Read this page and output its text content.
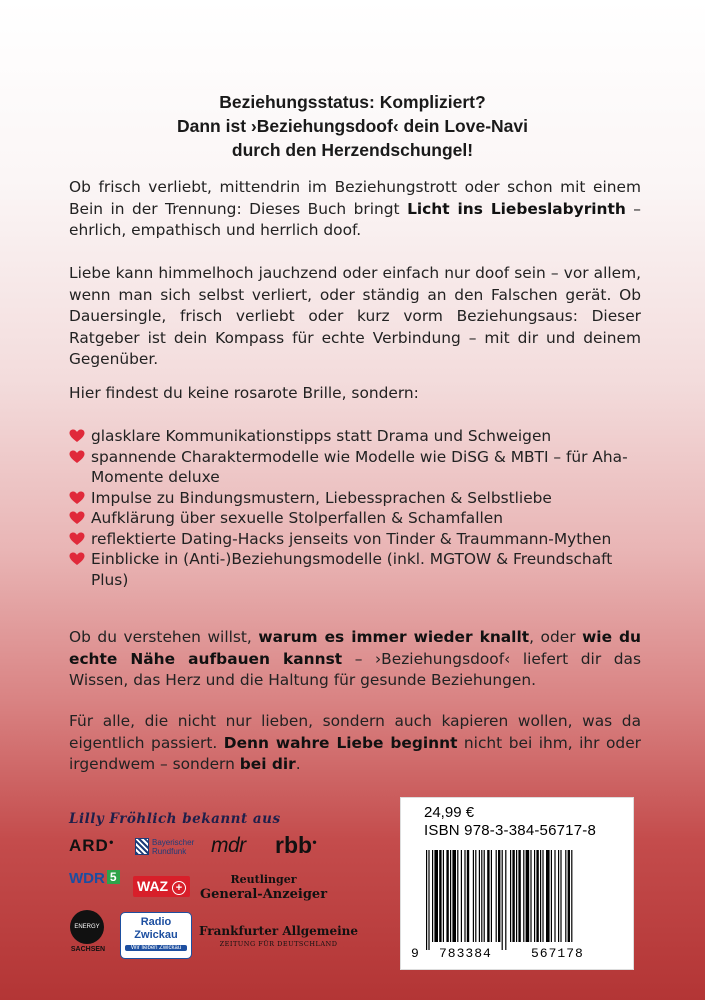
Beziehungsstatus: Kompliziert?
Dann ist ›Beziehungsdoof‹ dein Love-Navi
durch den Herzendschungel!

Ob frisch verliebt, mittendrin im Beziehungstrott oder schon mit einem Bein in der Trennung: Dieses Buch bringt Licht ins Liebeslabyrinth – ehrlich, empathisch und herrlich doof.

Liebe kann himmelhoch jauchzend oder einfach nur doof sein – vor allem, wenn man sich selbst verliert, oder ständig an den Falschen gerät. Ob Dauersingle, frisch verliebt oder kurz vorm Beziehungsaus: Dieser Ratgeber ist dein Kompass für echte Verbindung – mit dir und deinem Gegenüber.

Hier findest du keine rosarote Brille, sondern:

glasklare Kommunikationstipps statt Drama und Schweigen
spannende Charaktermodelle wie Modelle wie DiSG & MBTI – für Aha-Momente deluxe
Impulse zu Bindungsmustern, Liebessprachen & Selbstliebe
Aufklärung über sexuelle Stolperfallen & Schamfallen
reflektierte Dating-Hacks jenseits von Tinder & Traummann-Mythen
Einblicke in (Anti-)Beziehungsmodelle (inkl. MGTOW & Freundschaft Plus)

Ob du verstehen willst, warum es immer wieder knallt, oder wie du echte Nähe aufbauen kannst – ›Beziehungsdoof‹ liefert dir das Wissen, das Herz und die Haltung für gesunde Beziehungen.

Für alle, die nicht nur lieben, sondern auch kapieren wollen, was da eigentlich passiert. Denn wahre Liebe beginnt nicht bei ihm, ihr oder irgendwem – sondern bei dir.

Lilly Fröhlich bekannt aus
ARD●	Bayerischer
Rundfunk	mdr rbb●
WDR 5
WAZ +
Reutlinger
General-Anzeiger
ENERGY
SACHSEN
Radio
Zwickau
Wir lieben Zwickau
Frankfurter Allgemeine
ZEITUNG FÜR DEUTSCHLAND
24,99 €
ISBN 978-3-384-56717-8
9 783384	567178
